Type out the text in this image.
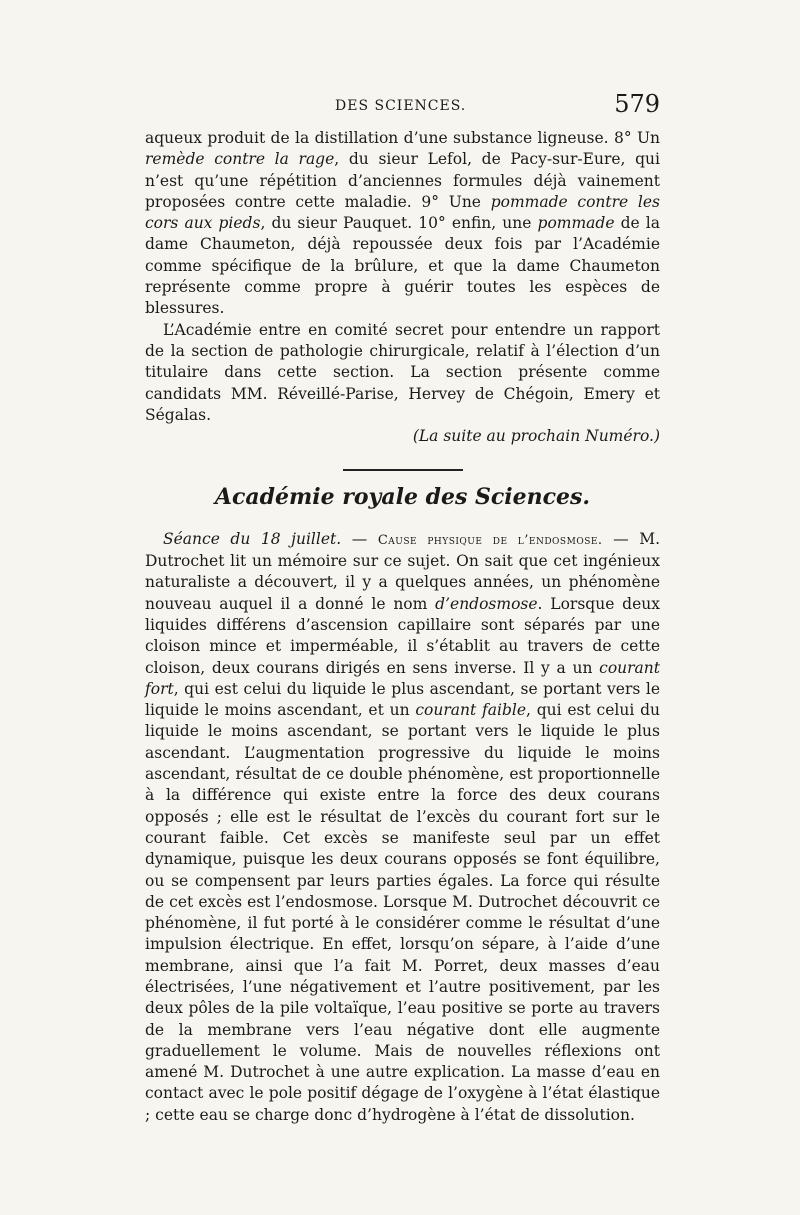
DES SCIENCES.	579

aqueux produit de la distillation d’une substance ligneuse. 8° Un remède contre la rage, du sieur Lefol, de Pacy-sur-Eure, qui n’est qu’une répétition d’anciennes formules déjà vainement proposées contre cette maladie. 9° Une pommade contre les cors aux pieds, du sieur Pauquet. 10° enfin, une pommade de la dame Chaumeton, déjà repoussée deux fois par l’Académie comme spécifique de la brûlure, et que la dame Chaumeton représente comme propre à guérir toutes les espèces de blessures.

L’Académie entre en comité secret pour entendre un rapport de la section de pathologie chirurgicale, relatif à l’élection d’un titulaire dans cette section. La section présente comme candidats MM. Réveillé-Parise, Hervey de Chégoin, Emery et Ségalas.

(La suite au prochain Numéro.)

Académie royale des Sciences.

Séance du 18 juillet. — Cause physique de l’endosmose. — M. Dutrochet lit un mémoire sur ce sujet. On sait que cet ingénieux naturaliste a découvert, il y a quelques années, un phénomène nouveau auquel il a donné le nom d’endosmose. Lorsque deux liquides différens d’ascension capillaire sont séparés par une cloison mince et imperméable, il s’établit au travers de cette cloison, deux courans dirigés en sens inverse. Il y a un courant fort, qui est celui du liquide le plus ascendant, se portant vers le liquide le moins ascendant, et un courant faible, qui est celui du liquide le moins ascendant, se portant vers le liquide le plus ascendant. L’augmentation progressive du liquide le moins ascendant, résultat de ce double phénomène, est proportionnelle à la différence qui existe entre la force des deux courans opposés ; elle est le résultat de l’excès du courant fort sur le courant faible. Cet excès se manifeste seul par un effet dynamique, puisque les deux courans opposés se font équilibre, ou se compensent par leurs parties égales. La force qui résulte de cet excès est l’endosmose. Lorsque M. Dutrochet découvrit ce phénomène, il fut porté à le considérer comme le résultat d’une impulsion électrique. En effet, lorsqu’on sépare, à l’aide d’une membrane, ainsi que l’a fait M. Porret, deux masses d’eau électrisées, l’une négativement et l’autre positivement, par les deux pôles de la pile voltaïque, l’eau positive se porte au travers de la membrane vers l’eau négative dont elle augmente graduellement le volume. Mais de nouvelles réflexions ont amené M. Dutrochet à une autre explication. La masse d’eau en contact avec le pole positif dégage de l’oxygène à l’état élastique ; cette eau se charge donc d’hydrogène à l’état de dissolution.
